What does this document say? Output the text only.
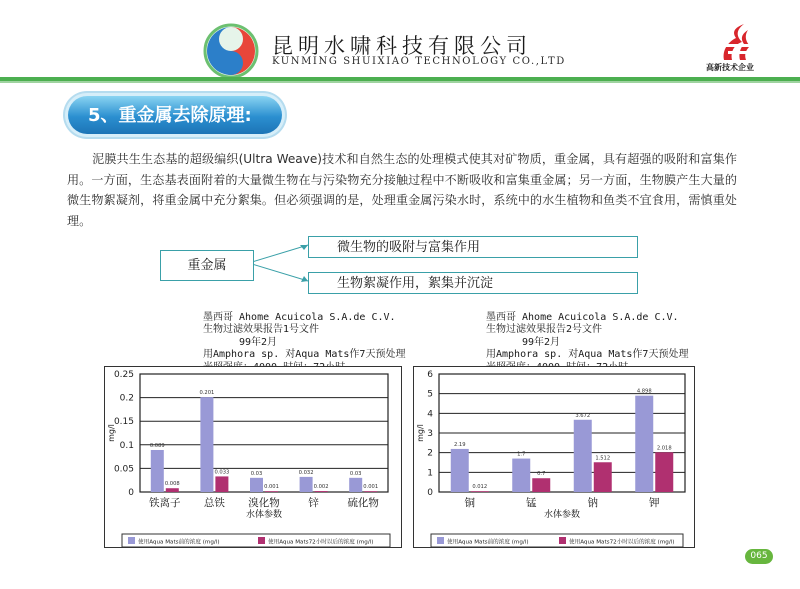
昆明水啸科技有限公司
KUNMING SHUIXIAO TECHNOLOGY CO.,LTD
高新技术企业
5、重金属去除原理:
泥膜共生生态基的超级编织(Ultra Weave)技术和自然生态的处理模式使其对矿物质，重金属，具有超强的吸附和富集作用。一方面，生态基表面附着的大量微生物在与污染物充分接触过程中不断吸收和富集重金属；另一方面，生物膜产生大量的微生物絮凝剂，将重金属中充分絮集。但必须强调的是，处理重金属污染水时，系统中的水生植物和鱼类不宜食用，需慎重处理。
重金属
微生物的吸附与富集作用
生物絮凝作用，絮集并沉淀
墨西哥 Ahome Acuicola S.A.de C.V.
生物过滤效果报告1号文件
99年2月
用Amphora sp. 对Aqua Mats作7天预处理
墨西哥 Ahome Acuicola S.A.de C.V.
生物过滤效果报告2号文件
99年2月
用Amphora sp. 对Aqua Mats作7天预处理
0
0.05
0.1
0.15
0.2
0.25
mg/l
0.089
0.008
铁离子
0.201
0.033
总铁
0.03
0.001
溴化物
0.032
0.002
锌
0.03
0.001
硫化物
水体参数
使用Aqua Mats前的浓度 (mg/l)	使用Aqua Mats72小时以后的浓度 (mg/l)
0
1
2
3
4
5
6
mg/l
2.19
0.012
铜
1.7
0.7
锰
3.672
1.512
钠
4.898
2.018
钾
水体参数
使用Aqua Mats前的浓度 (mg/l)	使用Aqua Mats72小时以后的浓度 (mg/l)
065
